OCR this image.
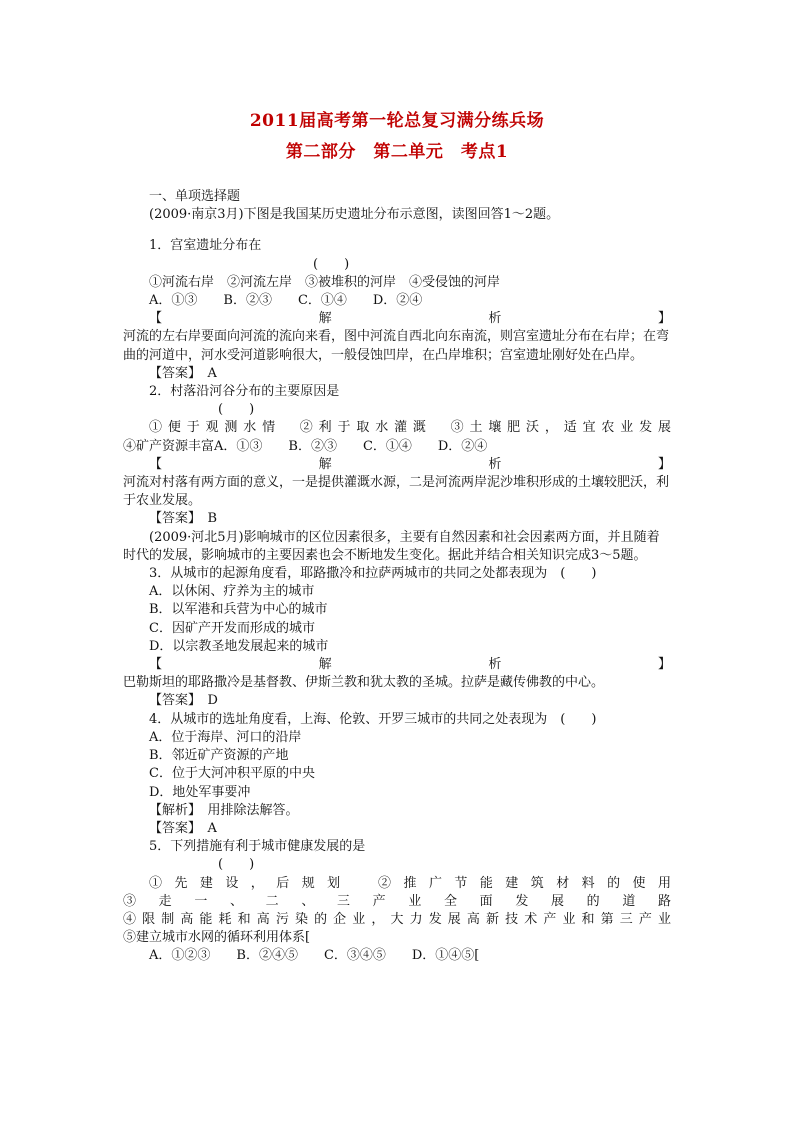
2011届高考第一轮总复习满分练兵场
第二部分　第二单元　考点1
一、单项选择题
(2009·南京3月)下图是我国某历史遗址分布示意图，读图回答1～2题。
1．宫室遗址分布在
(　　)
①河流右岸　②河流左岸　③被堆积的河岸　④受侵蚀的河岸
A．①③　　B．②③　　C．①④　　D．②④
【　　　　　　　　　解　　　　　　　　　析　　　　　　　　　】
河流的左右岸要面向河流的流向来看，图中河流自西北向东南流，则宫室遗址分布在右岸；在弯曲的河道中，河水受河道影响很大，一般侵蚀凹岸，在凸岸堆积；宫室遗址刚好处在凸岸。
【答案】　A
2．村落沿河谷分布的主要原因是
(　　)
①便于观测水情　②利于取水灌溉　③土壤肥沃，适宜农业发展
④矿产资源丰富A．①③　　B．②③　　C．①④　　D．②④
【　　　　　　　　　解　　　　　　　　　析　　　　　　　　　】
河流对村落有两方面的意义，一是提供灌溉水源，二是河流两岸泥沙堆积形成的土壤较肥沃，利于农业发展。
【答案】　B
(2009·河北5月)影响城市的区位因素很多，主要有自然因素和社会因素两方面，并且随着时代的发展，影响城市的主要因素也会不断地发生变化。据此并结合相关知识完成3～5题。
3．从城市的起源角度看，耶路撒冷和拉萨两城市的共同之处都表现为　(　　)
A．以休闲、疗养为主的城市
B．以军港和兵营为中心的城市
C．因矿产开发而形成的城市
D．以宗教圣地发展起来的城市
【　　　　　　　　　解　　　　　　　　　析　　　　　　　　　】
巴勒斯坦的耶路撒冷是基督教、伊斯兰教和犹太教的圣城。拉萨是藏传佛教的中心。
【答案】　D
4．从城市的选址角度看，上海、伦敦、开罗三城市的共同之处表现为　(　　)
A．位于海岸、河口的沿岸
B．邻近矿产资源的产地
C．位于大河冲积平原的中央
D．地处军事要冲
【解析】　用排除法解答。
【答案】　A
5．下列措施有利于城市健康发展的是
(　　)
①先建设，后规划　②推广节能建筑材料的使用
③走一、二、三产业全面发展的道路
④限制高能耗和高污染的企业，大力发展高新技术产业和第三产业
⑤建立城市水网的循环利用体系[
A．①②③　　B．②④⑤　　C．③④⑤　　D．①④⑤[
